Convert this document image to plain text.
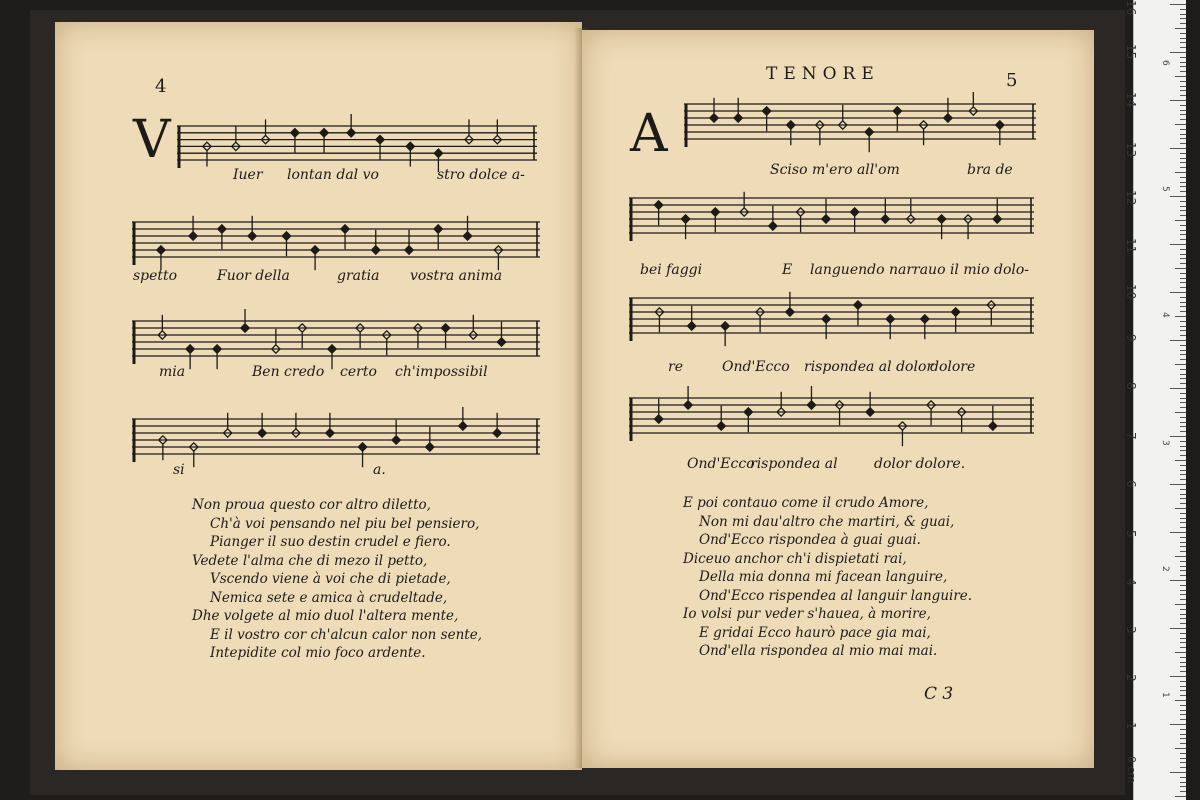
4
V
Iuer lontan dal vo	stro dolce a-
spetto	Fuor della	gratia vostra anima
mia	Ben credo certo ch'impossibil
si	a.
Non proua questo cor altro diletto,
Ch'à voi pensando nel piu bel pensiero,
Pianger il suo destin crudel e fiero.
Vedete l'alma che di mezo il petto,
Vscendo viene à voi che di pietade,
Nemica sete e amica à crudeltade,
Dhe volgete al mio duol l'altera mente,
E il vostro cor ch'alcun calor non sente,
Intepidite col mio foco ardente.
TENORE	5
A
Sciso m'ero all'om	bra de
bei faggi	E languendo narrauo il mio dolo-
re	Ond'Ecco rispondea al dolor
dolore
Ond'Ecco
rispondea al	dolor dolore.
E poi contauo come il crudo Amore,
Non mi dau'altro che martiri, & guai,
Ond'Ecco rispondea à guai guai.
Diceuo anchor ch'i dispietati rai,
Della mia donna mi facean languire,
Ond'Ecco rispendea al languir languire.
Io volsi pur veder s'hauea, à morire,
E gridai Ecco haurò pace gia mai,
Ond'ella rispondea al mio mai mai.
C 3
16
15
14
13
12
11
10
9
8
7
6
5
4
3
2
1
0 cm
6
5
4
3
2
1
